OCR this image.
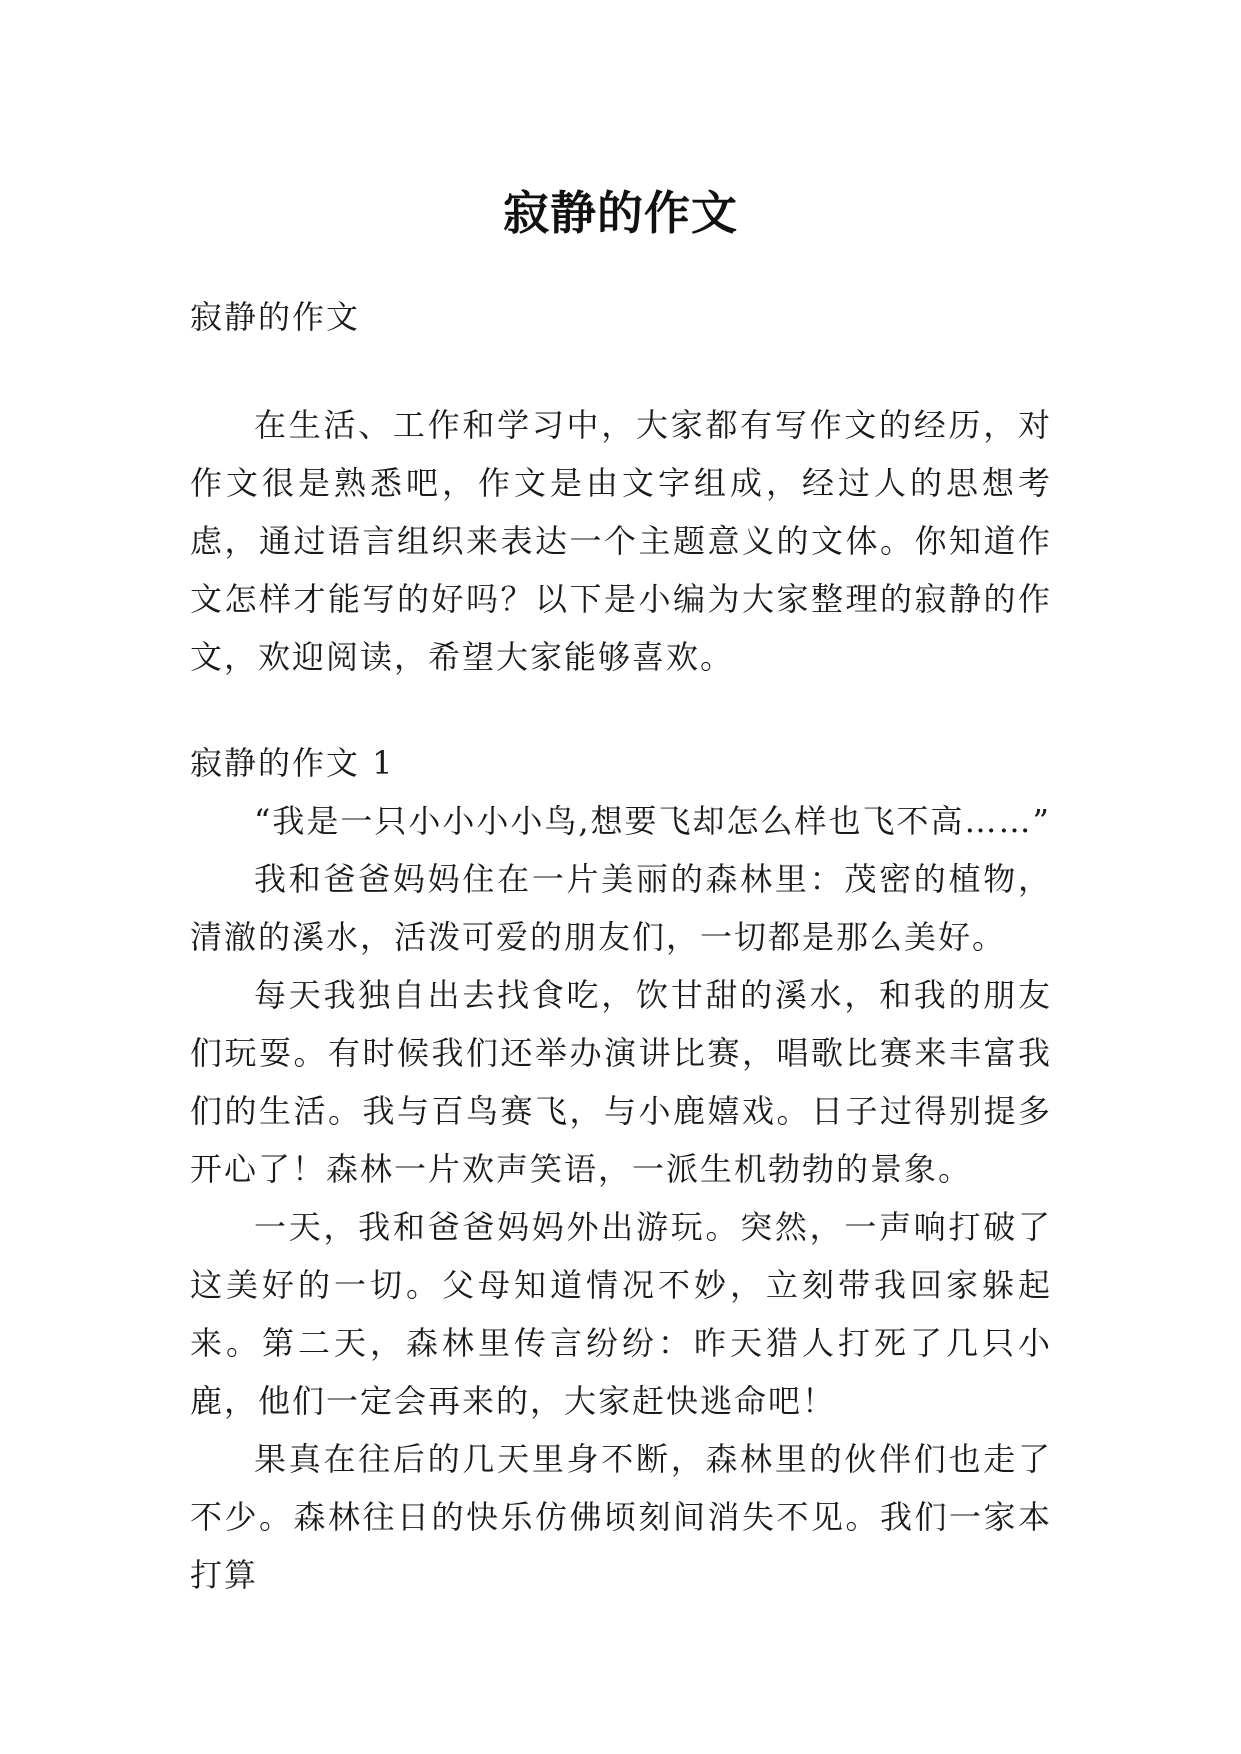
寂静的作文

寂静的作文

在生活、工作和学习中，大家都有写作文的经历，对作文很是熟悉吧，作文是由文字组成，经过人的思想考虑，通过语言组织来表达一个主题意义的文体。你知道作文怎样才能写的好吗？以下是小编为大家整理的寂静的作文，欢迎阅读，希望大家能够喜欢。

寂静的作文 1

“我是一只小小小小鸟,想要飞却怎么样也飞不高……”

我和爸爸妈妈住在一片美丽的森林里：茂密的植物，清澈的溪水，活泼可爱的朋友们，一切都是那么美好。

每天我独自出去找食吃，饮甘甜的溪水，和我的朋友们玩耍。有时候我们还举办演讲比赛，唱歌比赛来丰富我们的生活。我与百鸟赛飞，与小鹿嬉戏。日子过得别提多开心了！森林一片欢声笑语，一派生机勃勃的景象。

一天，我和爸爸妈妈外出游玩。突然，一声响打破了这美好的一切。父母知道情况不妙，立刻带我回家躲起来。第二天，森林里传言纷纷：昨天猎人打死了几只小鹿，他们一定会再来的，大家赶快逃命吧！

果真在往后的几天里身不断，森林里的伙伴们也走了不少。森林往日的快乐仿佛顷刻间消失不见。我们一家本打算
